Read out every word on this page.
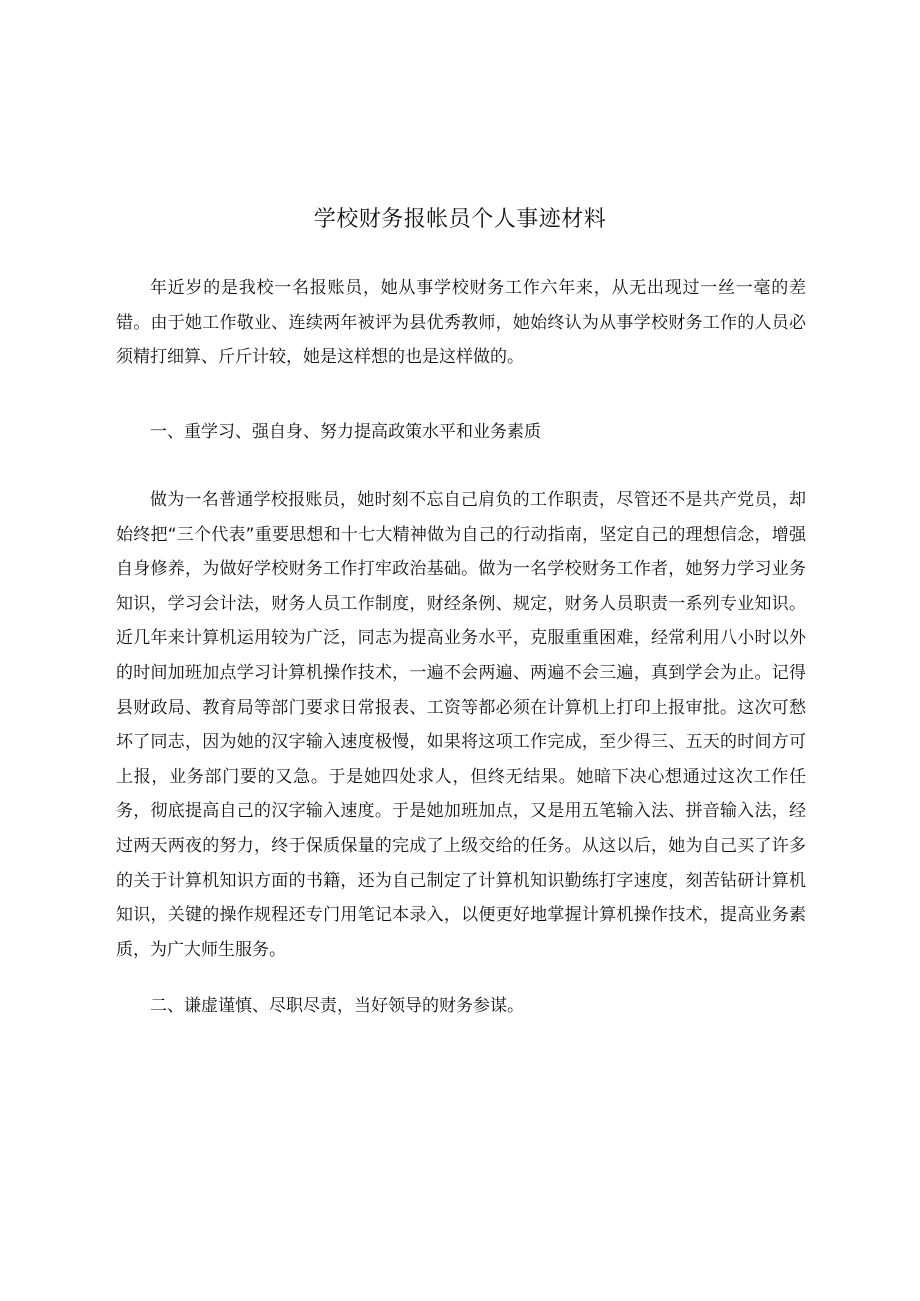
学校财务报帐员个人事迹材料

年近岁的是我校一名报账员，她从事学校财务工作六年来，从无出现过一丝一毫的差错。由于她工作敬业、连续两年被评为县优秀教师，她始终认为从事学校财务工作的人员必须精打细算、斤斤计较，她是这样想的也是这样做的。

一、重学习、强自身、努力提高政策水平和业务素质

做为一名普通学校报账员，她时刻不忘自己肩负的工作职责，尽管还不是共产党员，却始终把“三个代表”重要思想和十七大精神做为自己的行动指南，坚定自己的理想信念，增强自身修养，为做好学校财务工作打牢政治基础。做为一名学校财务工作者，她努力学习业务知识，学习会计法，财务人员工作制度，财经条例、规定，财务人员职责一系列专业知识。近几年来计算机运用较为广泛，同志为提高业务水平，克服重重困难，经常利用八小时以外的时间加班加点学习计算机操作技术，一遍不会两遍、两遍不会三遍，真到学会为止。记得县财政局、教育局等部门要求日常报表、工资等都必须在计算机上打印上报审批。这次可愁坏了同志，因为她的汉字输入速度极慢，如果将这项工作完成，至少得三、五天的时间方可上报，业务部门要的又急。于是她四处求人，但终无结果。她暗下决心想通过这次工作任务，彻底提高自己的汉字输入速度。于是她加班加点，又是用五笔输入法、拼音输入法，经过两天两夜的努力，终于保质保量的完成了上级交给的任务。从这以后，她为自己买了许多的关于计算机知识方面的书籍，还为自己制定了计算机知识勤练打字速度，刻苦钻研计算机知识，关键的操作规程还专门用笔记本录入，以便更好地掌握计算机操作技术，提高业务素质，为广大师生服务。

二、谦虚谨慎、尽职尽责，当好领导的财务参谋。
